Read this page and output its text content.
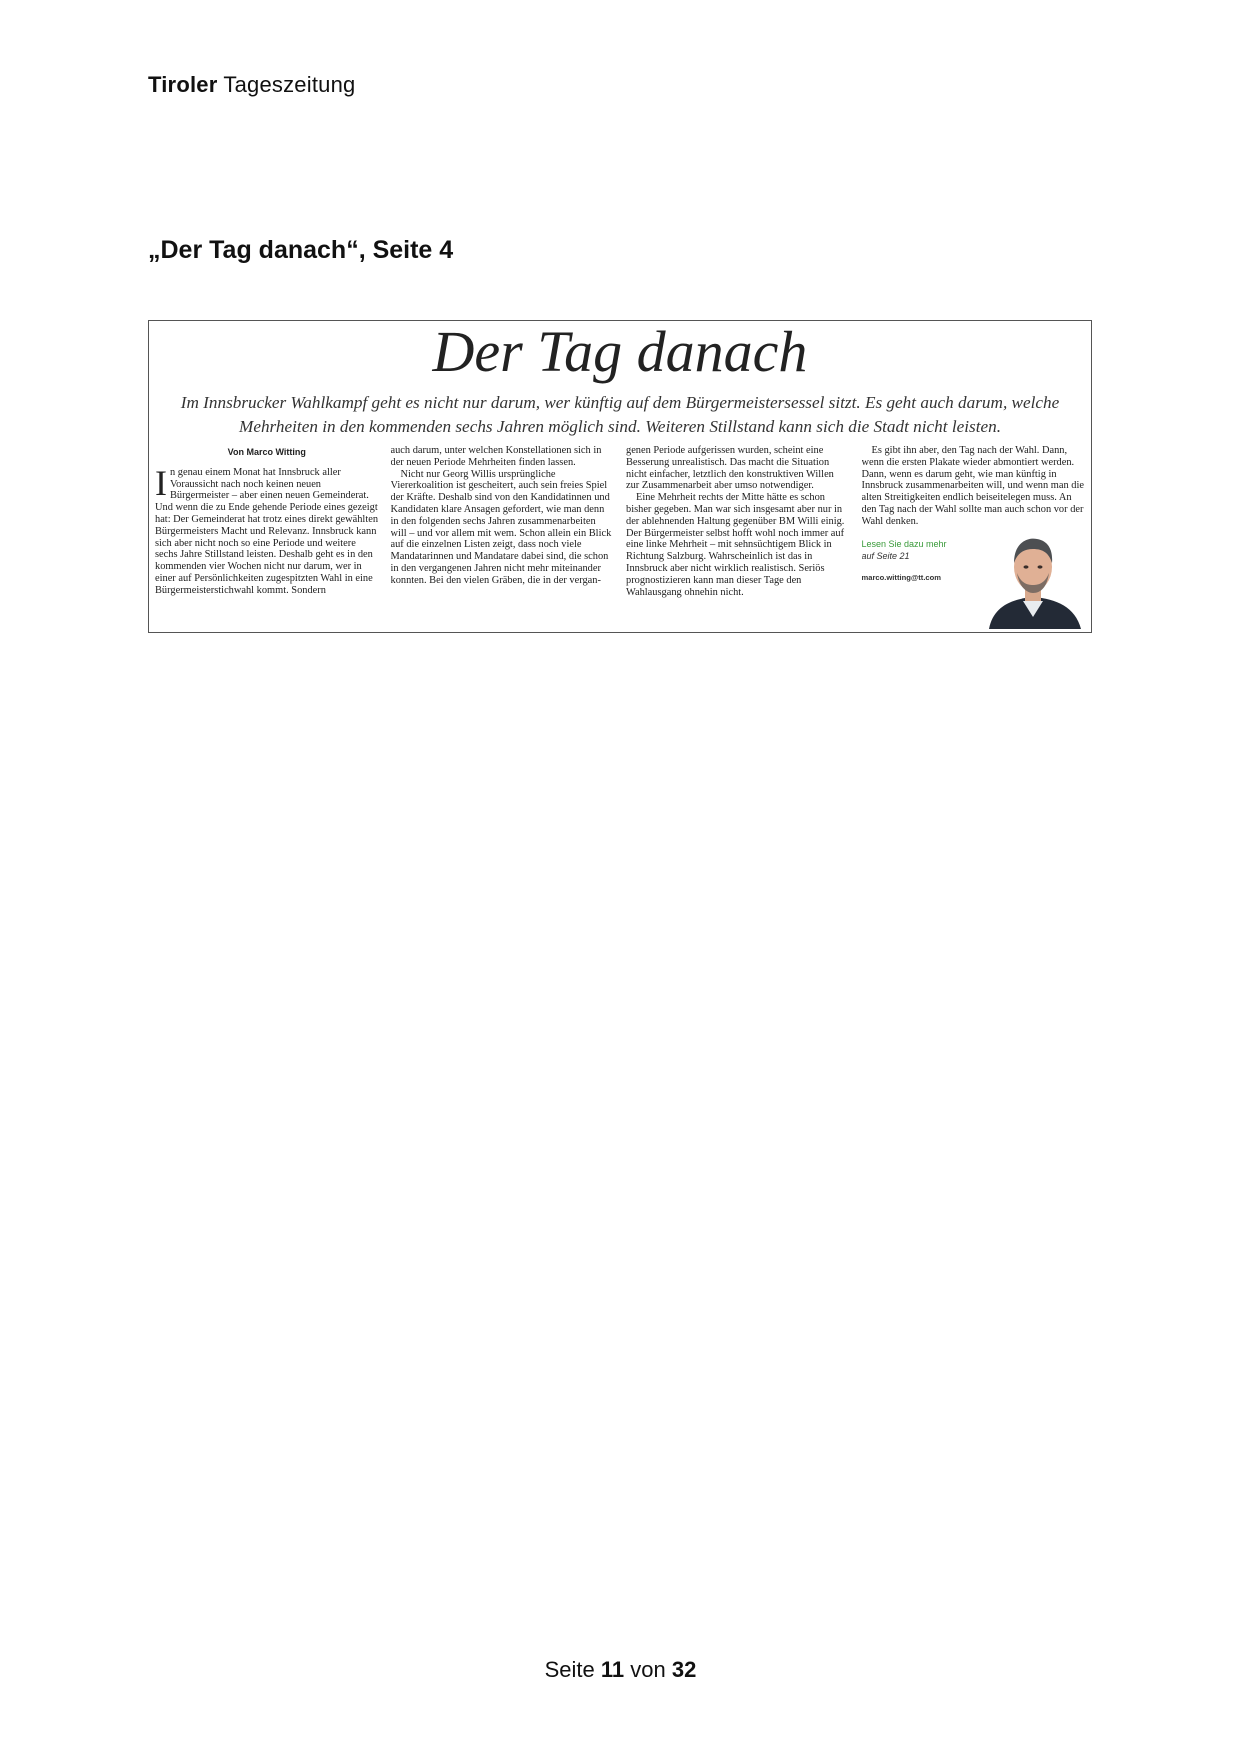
Tiroler Tageszeitung
„Der Tag danach“, Seite 4
Der Tag danach
Im Innsbrucker Wahlkampf geht es nicht nur darum, wer künftig auf dem Bürgermeistersessel sitzt. Es geht auch darum, welche Mehrheiten in den kommenden sechs Jahren möglich sind. Weiteren Stillstand kann sich die Stadt nicht leisten.
Von Marco Witting

In genau einem Monat hat Innsbruck aller Voraussicht nach noch keinen neuen Bürgermeister – aber einen neuen Gemeinderat. Und wenn die zu Ende gehende Periode eines gezeigt hat: Der Gemeinderat hat trotz eines direkt gewählten Bürgermeisters Macht und Relevanz. Innsbruck kann sich aber nicht noch so eine Periode und weitere sechs Jahre Stillstand leisten. Deshalb geht es in den kommenden vier Wochen nicht nur darum, wer in einer auf Persönlichkeiten zugespitzten Wahl in eine Bürgermeisterstichwahl kommt. Sondern

auch darum, unter welchen Konstellationen sich in der neuen Periode Mehrheiten finden lassen.

Nicht nur Georg Willis ursprüngliche Viererkoalition ist gescheitert, auch sein freies Spiel der Kräfte. Deshalb sind von den Kandidatinnen und Kandidaten klare Ansagen gefordert, wie man denn in den folgenden sechs Jahren zusammenarbeiten will – und vor allem mit wem. Schon allein ein Blick auf die einzelnen Listen zeigt, dass noch viele Mandatarinnen und Mandatare dabei sind, die schon in den vergangenen Jahren nicht mehr miteinander konnten. Bei den vielen Gräben, die in der vergan-

genen Periode aufgerissen wurden, scheint eine Besserung unrealistisch. Das macht die Situation nicht einfacher, letztlich den konstruktiven Willen zur Zusammenarbeit aber umso notwendiger.

Eine Mehrheit rechts der Mitte hätte es schon bisher gegeben. Man war sich insgesamt aber nur in der ablehnenden Haltung gegenüber BM Willi einig. Der Bürgermeister selbst hofft wohl noch immer auf eine linke Mehrheit – mit sehnsüchtigem Blick in Richtung Salzburg. Wahrscheinlich ist das in Innsbruck aber nicht wirklich realistisch. Seriös prognostizieren kann man dieser Tage den Wahlausgang ohnehin nicht.

Es gibt ihn aber, den Tag nach der Wahl. Dann, wenn die ersten Plakate wieder abmontiert werden. Dann, wenn es darum geht, wie man künftig in Innsbruck zusammenarbeiten will, und wenn man die alten Streitigkeiten endlich beiseitelegen muss. An den Tag nach der Wahl sollte man auch schon vor der Wahl denken.

Lesen Sie dazu mehr
auf Seite 21
marco.witting@tt.com
Seite 11 von 32
